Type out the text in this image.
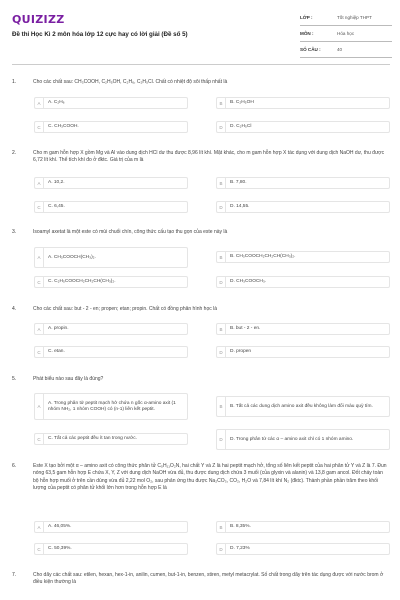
QUIZIZZ
Đề thi Học Kì 2 môn hóa lớp 12 cực hay có lời giải (Đề số 5)
LỚP :	Tốt nghiệp THPT
MÔN :	Hóa học
SỐ CÂU :	40
1.	Cho các chất sau: CH₃COOH, C₂H₅OH, C₂H₆, C₂H₅Cl. Chất có nhiệt độ sôi thấp nhất là
A	A. C₂H₆	B	B. C₂H₅OH
C	C. CH₃COOH.	D	D. C₂H₅Cl
2.	Cho m gam hỗn hợp X gồm Mg và Al vào dung dịch HCl dư thu được 8,96 lít khí. Mặt khác, cho m gam hỗn hợp X tác dụng với dung dịch NaOH dư, thu được 6,72 lít khí. Thể tích khí đo ở đktc. Giá trị của m là
A	A. 10,2.	B	B. 7,80.
C	C. 6,45.	D	D. 14,55.
3.	Isoamyl axetat là một este có mùi chuối chín, công thức cấu tạo thu gọn của este này là
A	A. CH₃COOCH(CH₃)₂.	B	B. CH₃COOCH₂CH₂CH(CH₃)₂.
C	C. C₂H₅COOCH₂CH₂CH(CH₃)₂.	D	D. CH₃COOCH₃.
4.	Cho các chất sau: but - 2 - en; propen; etan; propin. Chất có đồng phân hình học là
A	A. propin.	B	B. but - 2 - en.
C	C. etan.	D	D. propen
5.	Phát biểu nào sau đây là đúng?
A
A. Trong phân tử peptit mạch hở chứa n gốc α-amino axit (1 nhóm NH₂, 1 nhóm COOH) có (n-1) liên kết peptit.	B	B. Tất cả các dung dịch amino axit đều không làm đổi màu quỳ tím.
C	C. Tất cả các peptit đều ít tan trong nước.	D	D. Trong phân tử các α – amino axit chỉ có 1 nhóm amino.
6.	Este X tạo bởi một α – amino axit có công thức phân tử C₅H₁₁O₂N, hai chất Y và Z là hai peptit mạch hở, tổng số liên kết peptit của hai phân tử Y và Z là 7. Đun nóng 63,5 gam hỗn hợp E chứa X, Y, Z với dung dịch NaOH vừa đủ, thu được dung dịch chứa 3 muối (của glyxin và alanin) và 13,8 gam ancol. Đốt cháy toàn bộ hỗn hợp muối ở trên cần dùng vừa đủ 2,22 mol O₂, sau phản ứng thu được Na₂CO₃, CO₂, H₂O và 7,84 lít khí N₂ (đktc). Thành phần phần trăm theo khối lượng của peptit có phân tử khối lớn hơn trong hỗn hợp E là
A	A. 46,05%.	B	B. 8,35%.
C	C. 50,39%.	D	D. 7,23%
7.	Cho dãy các chất sau: etilen, hexan, hex-1-in, anilin, cumen, but-1-in, benzen, stiren, metyl metacrylat. Số chất trong dãy trên tác dụng được với nước brom ở điều kiện thường là
